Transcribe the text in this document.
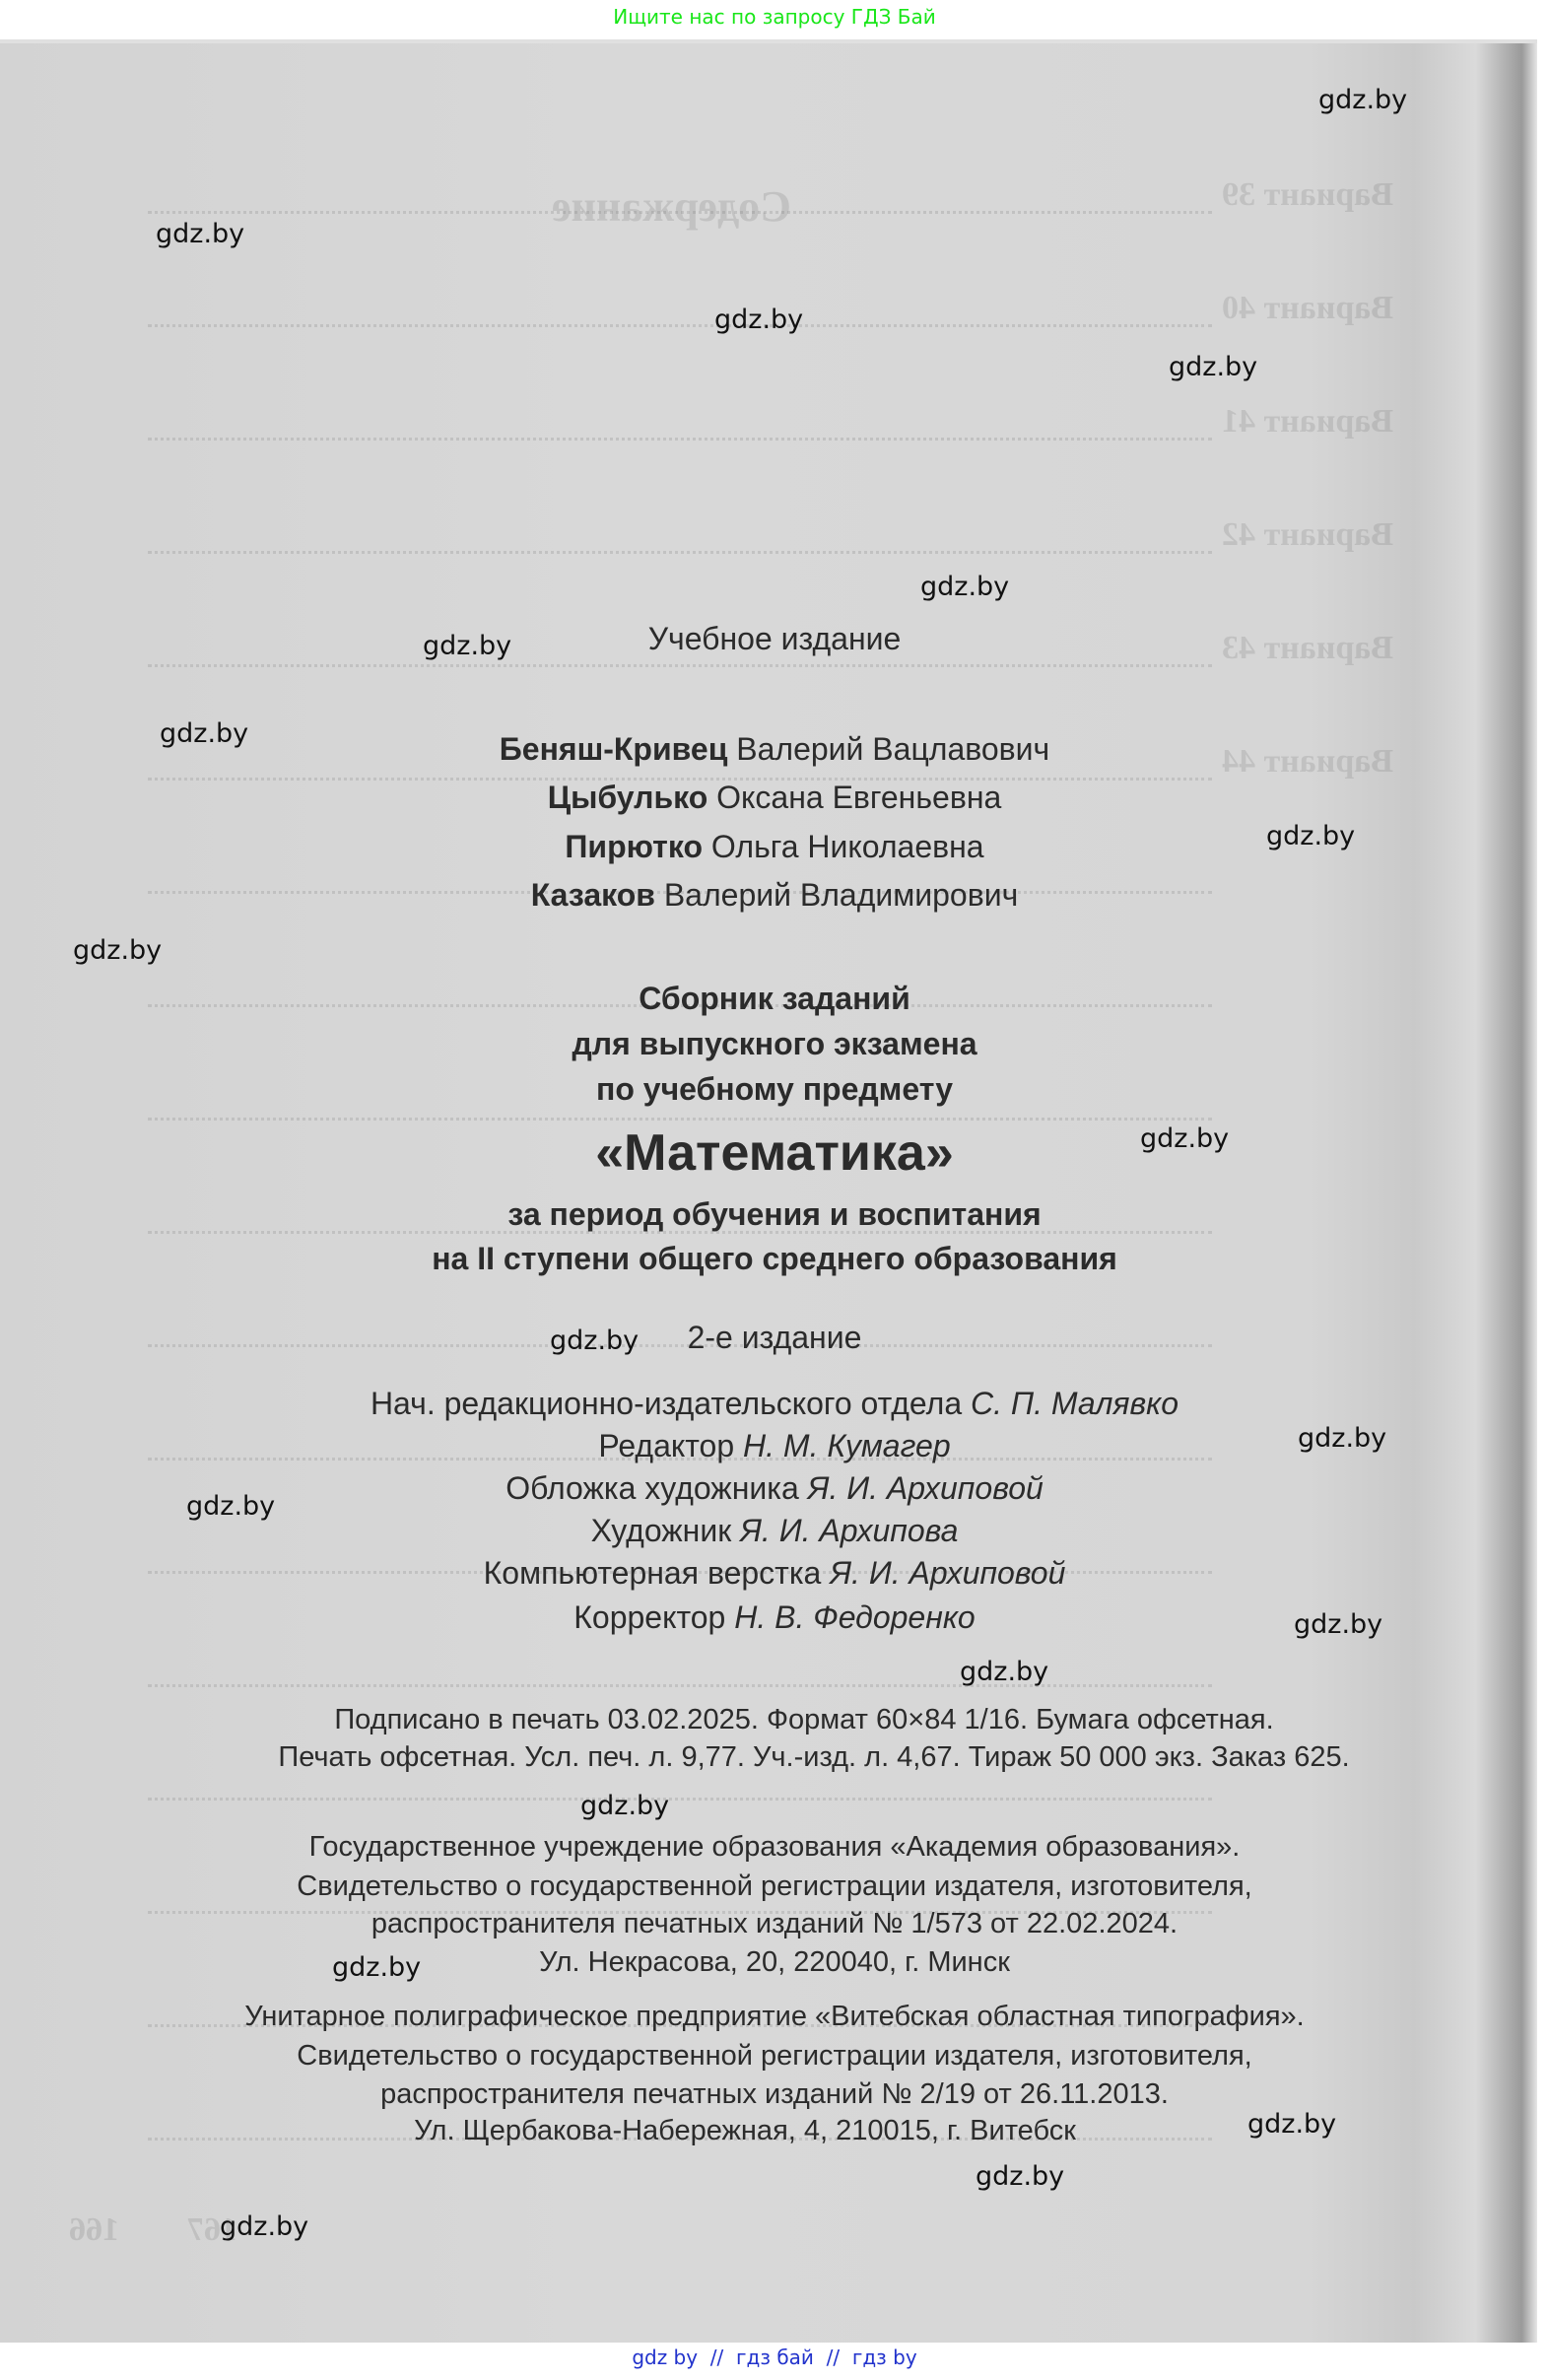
Ищите нас по запросу ГДЗ Бай
Содержание	Вариант 39
Вариант 40
Вариант 41
Вариант 42
Вариант 43
Вариант 44
166 167
Учебное издание
Беняш-Кривец Валерий Вацлавович
Цыбулько Оксана Евгеньевна
Пирютко Ольга Николаевна
Казаков Валерий Владимирович
Сборник заданий
для выпускного экзамена
по учебному предмету
«Математика»
за период обучения и воспитания
на II ступени общего среднего образования
2-е издание
Нач. редакционно-издательского отдела С. П. Малявко
Редактор Н. М. Кумагер
Обложка художника Я. И. Архиповой
Художник Я. И. Архипова
Компьютерная верстка Я. И. Архиповой
Корректор Н. В. Федоренко
Подписано в печать 03.02.2025. Формат 60×84 1/16. Бумага офсетная.
Печать офсетная. Усл. печ. л. 9,77. Уч.-изд. л. 4,67. Тираж 50 000 экз. Заказ 625.
Государственное учреждение образования «Академия образования».
Свидетельство о государственной регистрации издателя, изготовителя,
распространителя печатных изданий № 1/573 от 22.02.2024.
Ул. Некрасова, 20, 220040, г. Минск
Унитарное полиграфическое предприятие «Витебская областная типография».
Свидетельство о государственной регистрации издателя, изготовителя,
распространителя печатных изданий № 2/19 от 26.11.2013.
Ул. Щербакова-Набережная, 4, 210015, г. Витебск
gdz.by
gdz.by
gdz.by
gdz.by
gdz.by
gdz.by
gdz.by
gdz.by
gdz.by
gdz.by
gdz.by
gdz.by
gdz.by
gdz.by
gdz.by
gdz.by
gdz.by
gdz.by
gdz.by
gdz.by
gdz by  //  гдз бай  //  гдз by
